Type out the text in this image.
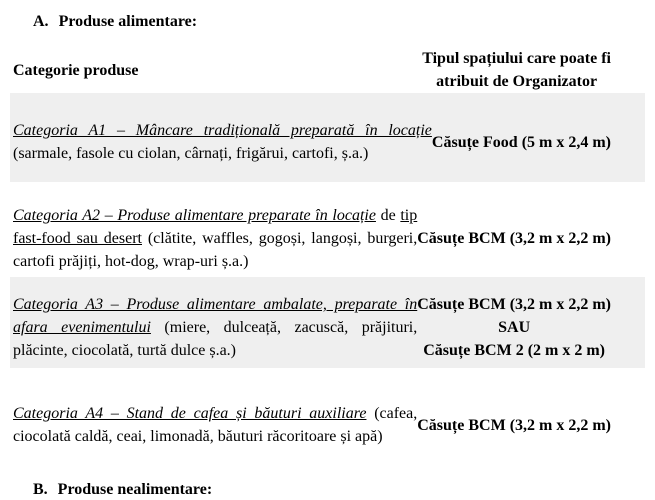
A. Produse alimentare:
Categorie produse
Tipul spațiului care poate fi
atribuit de Organizator
Categoria A1 – Mâncare tradițională preparată în locație (sarmale, fasole cu ciolan, cârnați, frigărui, cartofi, ș.a.)
Căsuțe Food (5 m x 2,4 m)
Categoria A2 – Produse alimentare preparate în locație de tip fast-food sau desert (clătite, waffles, gogoși, langoși, burgeri, cartofi prăjiți, hot-dog, wrap-uri ș.a.)
Căsuțe BCM (3,2 m x 2,2 m)
Categoria A3 – Produse alimentare ambalate, preparate în afara evenimentului (miere, dulceață, zacuscă, prăjituri, plăcinte, ciocolată, turtă dulce ș.a.)
Căsuțe BCM (3,2 m x 2,2 m)
SAU
Căsuțe BCM 2 (2 m x 2 m)
Categoria A4 – Stand de cafea și băuturi auxiliare (cafea, ciocolată caldă, ceai, limonadă, băuturi răcoritoare și apă)
Căsuțe BCM (3,2 m x 2,2 m)
B. Produse nealimentare:
